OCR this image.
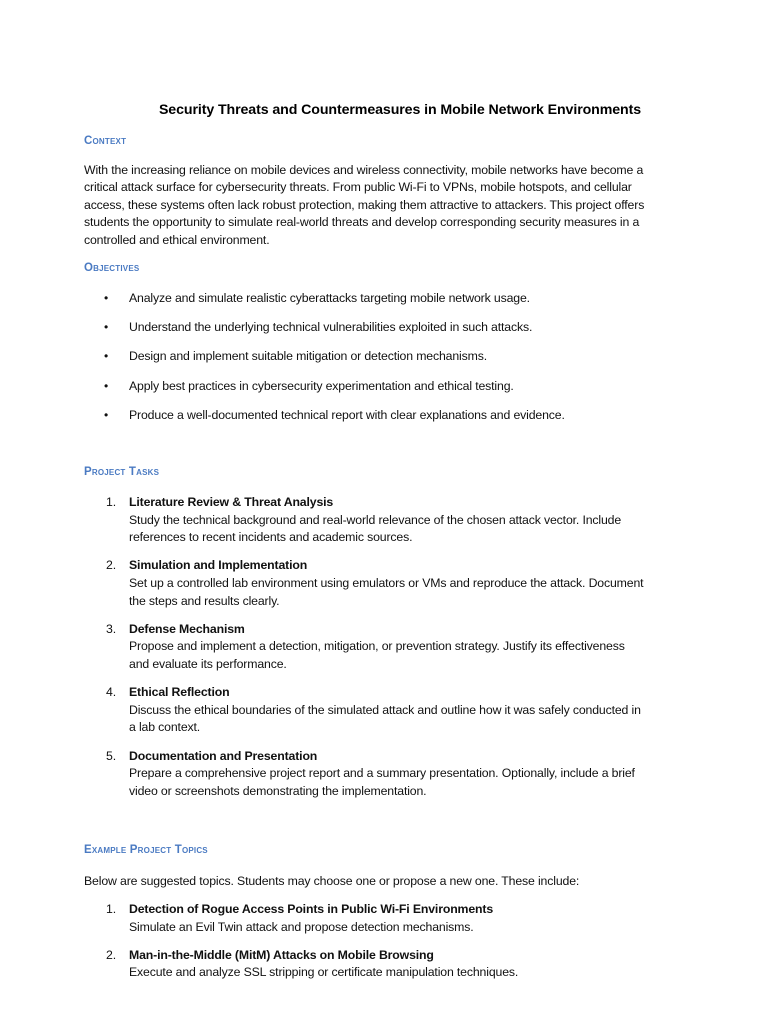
Security Threats and Countermeasures in Mobile Network Environments
Context
With the increasing reliance on mobile devices and wireless connectivity, mobile networks have become a
critical attack surface for cybersecurity threats. From public Wi-Fi to VPNs, mobile hotspots, and cellular
access, these systems often lack robust protection, making them attractive to attackers. This project offers
students the opportunity to simulate real-world threats and develop corresponding security measures in a
controlled and ethical environment.
Objectives
• Analyze and simulate realistic cyberattacks targeting mobile network usage.
• Understand the underlying technical vulnerabilities exploited in such attacks.
• Design and implement suitable mitigation or detection mechanisms.
• Apply best practices in cybersecurity experimentation and ethical testing.
• Produce a well-documented technical report with clear explanations and evidence.
Project Tasks
1. Literature Review & Threat Analysis
Study the technical background and real-world relevance of the chosen attack vector. Include
references to recent incidents and academic sources.
2. Simulation and Implementation
Set up a controlled lab environment using emulators or VMs and reproduce the attack. Document
the steps and results clearly.
3. Defense Mechanism
Propose and implement a detection, mitigation, or prevention strategy. Justify its effectiveness
and evaluate its performance.
4. Ethical Reflection
Discuss the ethical boundaries of the simulated attack and outline how it was safely conducted in
a lab context.
5. Documentation and Presentation
Prepare a comprehensive project report and a summary presentation. Optionally, include a brief
video or screenshots demonstrating the implementation.
Example Project Topics
Below are suggested topics. Students may choose one or propose a new one. These include:
1. Detection of Rogue Access Points in Public Wi-Fi Environments
Simulate an Evil Twin attack and propose detection mechanisms.
2. Man-in-the-Middle (MitM) Attacks on Mobile Browsing
Execute and analyze SSL stripping or certificate manipulation techniques.
